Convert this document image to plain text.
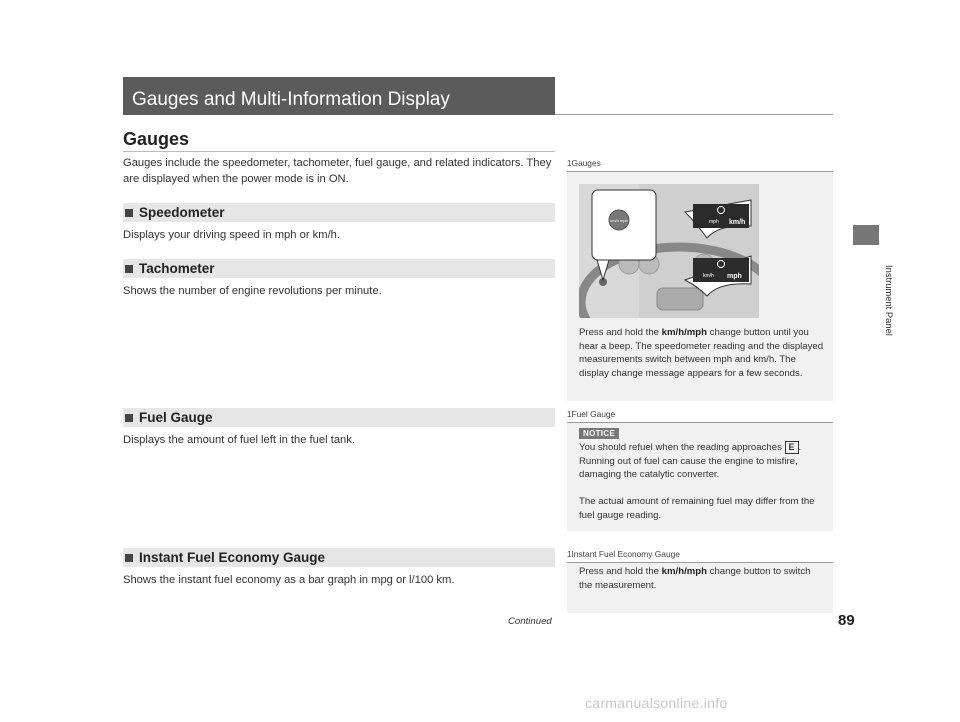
Gauges and Multi-Information Display
Gauges
Gauges include the speedometer, tachometer, fuel gauge, and related indicators. They are displayed when the power mode is in ON.
Speedometer
Displays your driving speed in mph or km/h.
Tachometer
Shows the number of engine revolutions per minute.
Fuel Gauge
Displays the amount of fuel left in the fuel tank.
Instant Fuel Economy Gauge
Shows the instant fuel economy as a bar graph in mpg or l/100 km.
1Gauges
km/h mph	mph km/h
km/h mph
Press and hold the km/h/mph change button until you hear a beep. The speedometer reading and the displayed measurements switch between mph and km/h. The display change message appears for a few seconds.
1Fuel Gauge
NOTICE
You should refuel when the reading approaches E . Running out of fuel can cause the engine to misfire, damaging the catalytic converter.
The actual amount of remaining fuel may differ from the fuel gauge reading.
1Instant Fuel Economy Gauge
Press and hold the km/h/mph change button to switch the measurement.
Instrument Panel
Continued	89
carmanualsonline.info
